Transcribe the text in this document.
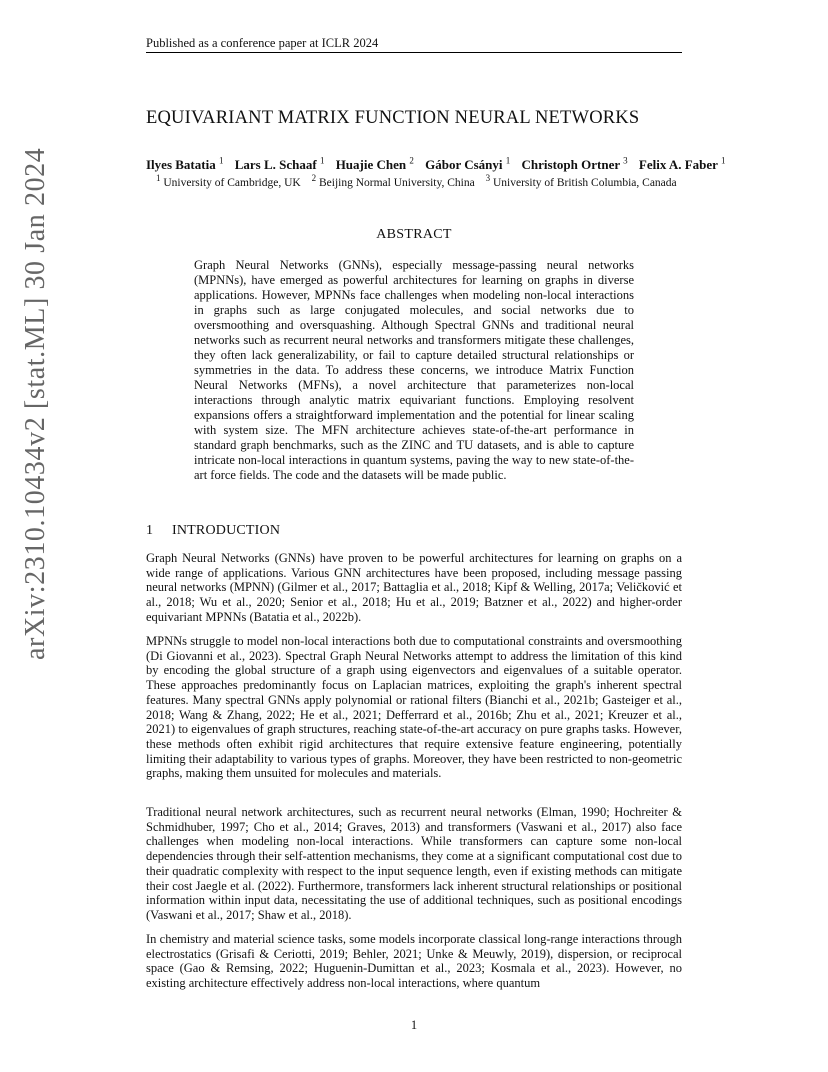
Published as a conference paper at ICLR 2024
arXiv:2310.10434v2 [stat.ML] 30 Jan 2024
EQUIVARIANT MATRIX FUNCTION NEURAL NETWORKS
Ilyes Batatia $^1$ Lars L. Schaaf $^1$ Huajie Chen $^2$ Gábor Csányi $^1$ Christoph Ortner $^3$ Felix A. Faber $^1$
$^1$ University of Cambridge, UK $^2$ Beijing Normal University, China $^3$ University of British Columbia, Canada
ABSTRACT
Graph Neural Networks (GNNs), especially message-passing neural networks (MPNNs), have emerged as powerful architectures for learning on graphs in diverse applications. However, MPNNs face challenges when modeling non-local interactions in graphs such as large conjugated molecules, and social networks due to oversmoothing and oversquashing. Although Spectral GNNs and traditional neural networks such as recurrent neural networks and transformers mitigate these challenges, they often lack generalizability, or fail to capture detailed structural relationships or symmetries in the data. To address these concerns, we introduce Matrix Function Neural Networks (MFNs), a novel architecture that parameterizes non-local interactions through analytic matrix equivariant functions. Employing resolvent expansions offers a straightforward implementation and the potential for linear scaling with system size. The MFN architecture achieves state-of-the-art performance in standard graph benchmarks, such as the ZINC and TU datasets, and is able to capture intricate non-local interactions in quantum systems, paving the way to new state-of-the-art force fields. The code and the datasets will be made public.
1 INTRODUCTION
Graph Neural Networks (GNNs) have proven to be powerful architectures for learning on graphs on a wide range of applications. Various GNN architectures have been proposed, including message passing neural networks (MPNN) (Gilmer et al., 2017; Battaglia et al., 2018; Kipf & Welling, 2017a; Veličković et al., 2018; Wu et al., 2020; Senior et al., 2018; Hu et al., 2019; Batzner et al., 2022) and higher-order equivariant MPNNs (Batatia et al., 2022b).
MPNNs struggle to model non-local interactions both due to computational constraints and oversmoothing (Di Giovanni et al., 2023). Spectral Graph Neural Networks attempt to address the limitation of this kind by encoding the global structure of a graph using eigenvectors and eigenvalues of a suitable operator. These approaches predominantly focus on Laplacian matrices, exploiting the graph's inherent spectral features. Many spectral GNNs apply polynomial or rational filters (Bianchi et al., 2021b; Gasteiger et al., 2018; Wang & Zhang, 2022; He et al., 2021; Defferrard et al., 2016b; Zhu et al., 2021; Kreuzer et al., 2021) to eigenvalues of graph structures, reaching state-of-the-art accuracy on pure graphs tasks. However, these methods often exhibit rigid architectures that require extensive feature engineering, potentially limiting their adaptability to various types of graphs. Moreover, they have been restricted to non-geometric graphs, making them unsuited for molecules and materials.
Traditional neural network architectures, such as recurrent neural networks (Elman, 1990; Hochreiter & Schmidhuber, 1997; Cho et al., 2014; Graves, 2013) and transformers (Vaswani et al., 2017) also face challenges when modeling non-local interactions. While transformers can capture some non-local dependencies through their self-attention mechanisms, they come at a significant computational cost due to their quadratic complexity with respect to the input sequence length, even if existing methods can mitigate their cost Jaegle et al. (2022). Furthermore, transformers lack inherent structural relationships or positional information within input data, necessitating the use of additional techniques, such as positional encodings (Vaswani et al., 2017; Shaw et al., 2018).
In chemistry and material science tasks, some models incorporate classical long-range interactions through electrostatics (Grisafi & Ceriotti, 2019; Behler, 2021; Unke & Meuwly, 2019), dispersion, or reciprocal space (Gao & Remsing, 2022; Huguenin-Dumittan et al., 2023; Kosmala et al., 2023). However, no existing architecture effectively address non-local interactions, where quantum
1
